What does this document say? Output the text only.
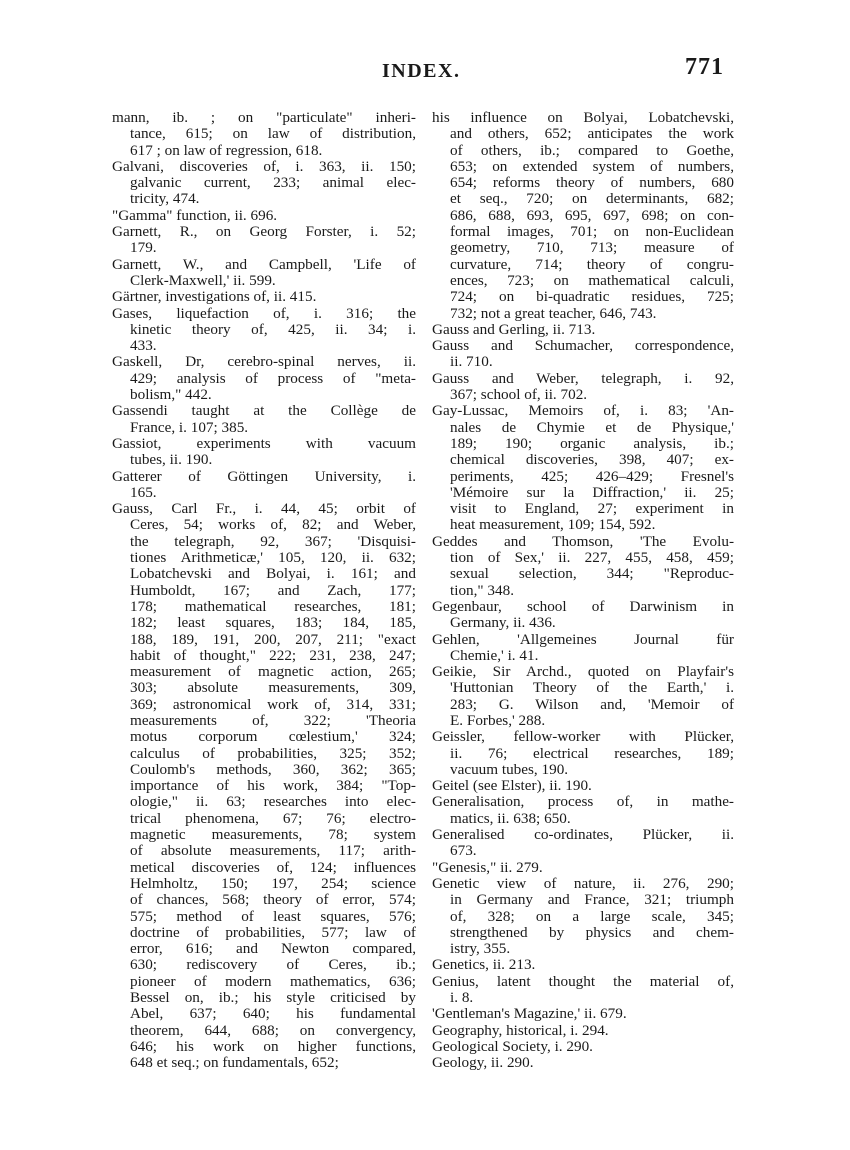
INDEX.	771
mann, ib. ; on "particulate" inheri-
tance, 615; on law of distribution,
617 ; on law of regression, 618.
Galvani, discoveries of, i. 363, ii. 150;
galvanic current, 233; animal elec-
tricity, 474.
"Gamma" function, ii. 696.
Garnett, R., on Georg Forster, i. 52;
179.
Garnett, W., and Campbell, 'Life of
Clerk-Maxwell,' ii. 599.
Gärtner, investigations of, ii. 415.
Gases, liquefaction of, i. 316; the
kinetic theory of, 425, ii. 34; i.
433.
Gaskell, Dr, cerebro-spinal nerves, ii.
429; analysis of process of "meta-
bolism," 442.
Gassendi taught at the Collège de
France, i. 107; 385.
Gassiot, experiments with vacuum
tubes, ii. 190.
Gatterer of Göttingen University, i.
165.
Gauss, Carl Fr., i. 44, 45; orbit of
Ceres, 54; works of, 82; and Weber,
the telegraph, 92, 367; 'Disquisi-
tiones Arithmeticæ,' 105, 120, ii. 632;
Lobatchevski and Bolyai, i. 161; and
Humboldt, 167; and Zach, 177;
178; mathematical researches, 181;
182; least squares, 183; 184, 185,
188, 189, 191, 200, 207, 211; "exact
habit of thought," 222; 231, 238, 247;
measurement of magnetic action, 265;
303; absolute measurements, 309,
369; astronomical work of, 314, 331;
measurements of, 322; 'Theoria
motus corporum cœlestium,' 324;
calculus of probabilities, 325; 352;
Coulomb's methods, 360, 362; 365;
importance of his work, 384; "Top-
ologie," ii. 63; researches into elec-
trical phenomena, 67; 76; electro-
magnetic measurements, 78; system
of absolute measurements, 117; arith-
metical discoveries of, 124; influences
Helmholtz, 150; 197, 254; science
of chances, 568; theory of error, 574;
575; method of least squares, 576;
doctrine of probabilities, 577; law of
error, 616; and Newton compared,
630; rediscovery of Ceres, ib.;
pioneer of modern mathematics, 636;
Bessel on, ib.; his style criticised by
Abel, 637; 640; his fundamental
theorem, 644, 688; on convergency,
646; his work on higher functions,
648 et seq.; on fundamentals, 652;
his influence on Bolyai, Lobatchevski,
and others, 652; anticipates the work
of others, ib.; compared to Goethe,
653; on extended system of numbers,
654; reforms theory of numbers, 680
et seq., 720; on determinants, 682;
686, 688, 693, 695, 697, 698; on con-
formal images, 701; on non-Euclidean
geometry, 710, 713; measure of
curvature, 714; theory of congru-
ences, 723; on mathematical calculi,
724; on bi-quadratic residues, 725;
732; not a great teacher, 646, 743.
Gauss and Gerling, ii. 713.
Gauss and Schumacher, correspondence,
ii. 710.
Gauss and Weber, telegraph, i. 92,
367; school of, ii. 702.
Gay-Lussac, Memoirs of, i. 83; 'An-
nales de Chymie et de Physique,'
189; 190; organic analysis, ib.;
chemical discoveries, 398, 407; ex-
periments, 425; 426–429; Fresnel's
'Mémoire sur la Diffraction,' ii. 25;
visit to England, 27; experiment in
heat measurement, 109; 154, 592.
Geddes and Thomson, 'The Evolu-
tion of Sex,' ii. 227, 455, 458, 459;
sexual selection, 344; "Reproduc-
tion," 348.
Gegenbaur, school of Darwinism in
Germany, ii. 436.
Gehlen, 'Allgemeines Journal für
Chemie,' i. 41.
Geikie, Sir Archd., quoted on Playfair's
'Huttonian Theory of the Earth,' i.
283; G. Wilson and, 'Memoir of
E. Forbes,' 288.
Geissler, fellow-worker with Plücker,
ii. 76; electrical researches, 189;
vacuum tubes, 190.
Geitel (see Elster), ii. 190.
Generalisation, process of, in mathe-
matics, ii. 638; 650.
Generalised co-ordinates, Plücker, ii.
673.
"Genesis," ii. 279.
Genetic view of nature, ii. 276, 290;
in Germany and France, 321; triumph
of, 328; on a large scale, 345;
strengthened by physics and chem-
istry, 355.
Genetics, ii. 213.
Genius, latent thought the material of,
i. 8.
'Gentleman's Magazine,' ii. 679.
Geography, historical, i. 294.
Geological Society, i. 290.
Geology, ii. 290.
